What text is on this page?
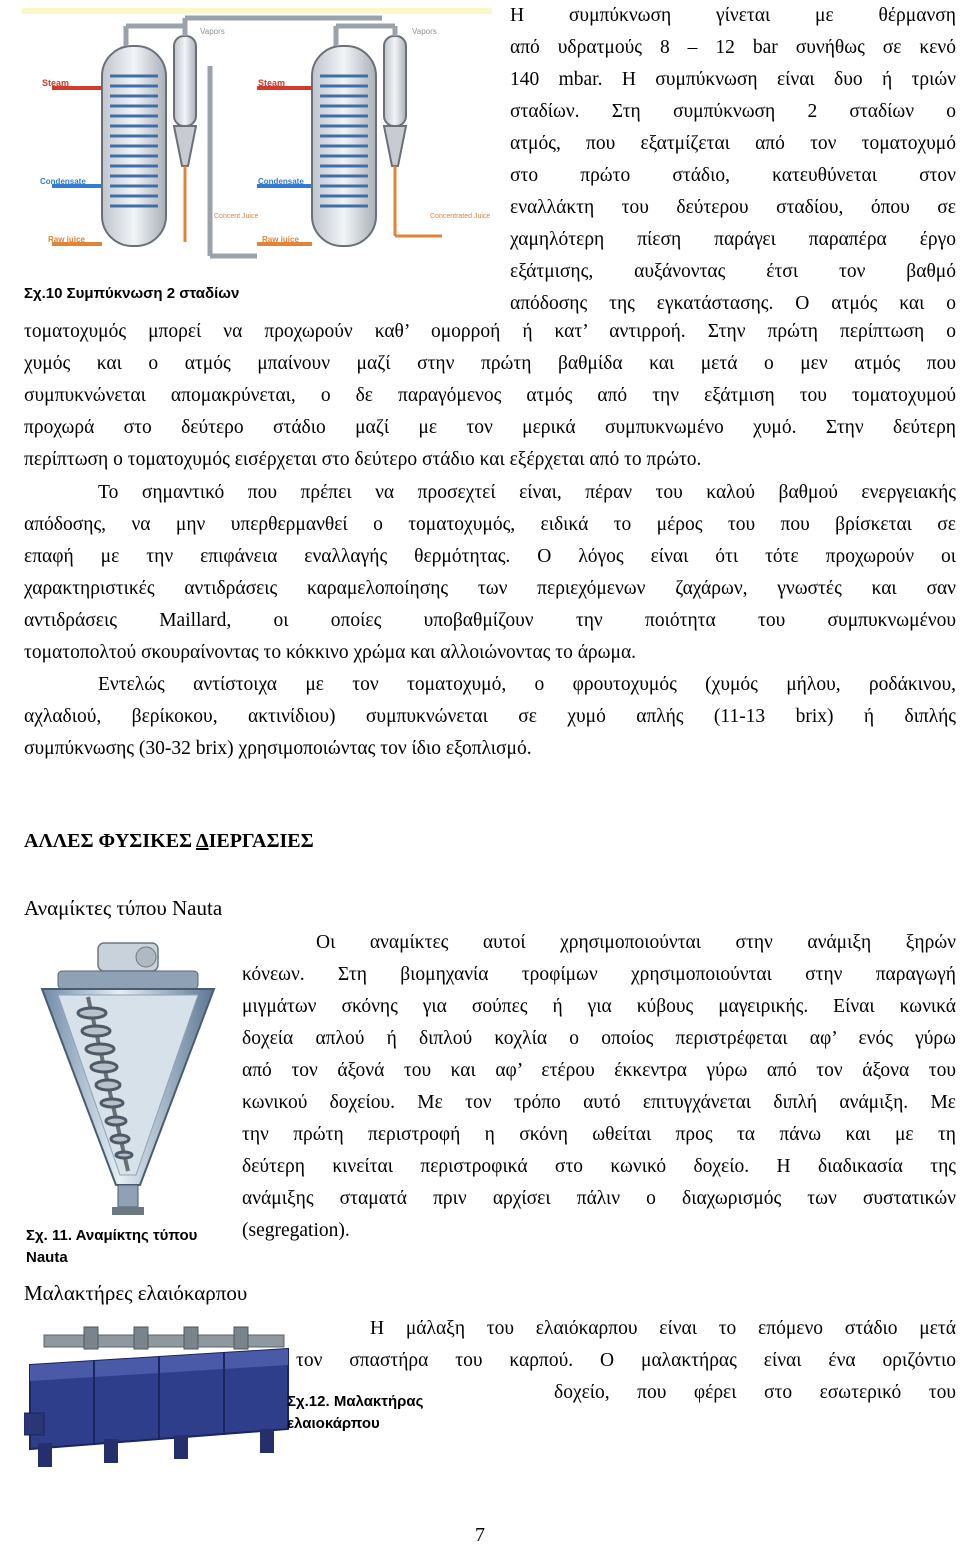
Vapors	Vapors
Steam	Steam
Condensate	Condensate
Raw juice	Raw juice
Concent Juice	Concentrated Juice
Σχ.10 Συμπύκνωση 2 σταδίων
Η συμπύκνωση γίνεται με θέρμανση
από υδρατμούς 8 – 12 bar συνήθως σε κενό
140 mbar. Η συμπύκνωση είναι δυο ή τριών
σταδίων. Στη συμπύκνωση 2 σταδίων ο
ατμός, που εξατμίζεται από τον τοματοχυμό
στο πρώτο στάδιο, κατευθύνεται στον
εναλλάκτη του δεύτερου σταδίου, όπου σε
χαμηλότερη πίεση παράγει παραπέρα έργο
εξάτμισης, αυξάνοντας έτσι τον βαθμό
απόδοσης της εγκατάστασης. Ο ατμός και ο
τοματοχυμός μπορεί να προχωρούν καθ’ ομορροή ή κατ’ αντιρροή. Στην πρώτη περίπτωση ο
χυμός και ο ατμός μπαίνουν μαζί στην πρώτη βαθμίδα και μετά ο μεν ατμός που
συμπυκνώνεται απομακρύνεται, ο δε παραγόμενος ατμός από την εξάτμιση του τοματοχυμού
προχωρά στο δεύτερο στάδιο μαζί με τον μερικά συμπυκνωμένο χυμό. Στην δεύτερη
περίπτωση ο τοματοχυμός εισέρχεται στο δεύτερο στάδιο και εξέρχεται από το πρώτο.
Το σημαντικό που πρέπει να προσεχτεί είναι, πέραν του καλού βαθμού ενεργειακής
απόδοσης, να μην υπερθερμανθεί ο τοματοχυμός, ειδικά το μέρος του που βρίσκεται σε
επαφή με την επιφάνεια εναλλαγής θερμότητας. Ο λόγος είναι ότι τότε προχωρούν οι
χαρακτηριστικές αντιδράσεις καραμελοποίησης των περιεχόμενων ζαχάρων, γνωστές και σαν
αντιδράσεις Maillard, οι οποίες υποβαθμίζουν την ποιότητα του συμπυκνωμένου
τοματοπολτού σκουραίνοντας το κόκκινο χρώμα και αλλοιώνοντας το άρωμα.
Εντελώς αντίστοιχα με τον τοματοχυμό, ο φρουτοχυμός (χυμός μήλου, ροδάκινου,
αχλαδιού, βερίκοκου, ακτινίδιου) συμπυκνώνεται σε χυμό απλής (11-13 brix) ή διπλής
συμπύκνωσης (30-32 brix) χρησιμοποιώντας τον ίδιο εξοπλισμό.
ΑΛΛΕΣ ΦΥΣΙΚΕΣ ΔΙΕΡΓΑΣΙΕΣ
Αναμίκτες τύπου Nauta
Σχ. 11. Αναμίκτης τύπου
Nauta
Οι αναμίκτες αυτοί χρησιμοποιούνται στην ανάμιξη ξηρών
κόνεων. Στη βιομηχανία τροφίμων χρησιμοποιούνται στην παραγωγή
μιγμάτων σκόνης για σούπες ή για κύβους μαγειρικής. Είναι κωνικά
δοχεία απλού ή διπλού κοχλία ο οποίος περιστρέφεται αφ’ ενός γύρω
από τον άξονά του και αφ’ ετέρου έκκεντρα γύρω από τον άξονα του
κωνικού δοχείου. Με τον τρόπο αυτό επιτυγχάνεται διπλή ανάμιξη. Με
την πρώτη περιστροφή η σκόνη ωθείται προς τα πάνω και με τη
δεύτερη κινείται περιστροφικά στο κωνικό δοχείο. Η διαδικασία της
ανάμιξης σταματά πριν αρχίσει πάλιν ο διαχωρισμός των συστατικών
(segregation).
Μαλακτήρες ελαιόκαρπου
Σχ.12. Μαλακτήρας
ελαιοκάρπου
Η μάλαξη του ελαιόκαρπου είναι το επόμενο στάδιο μετά
τον σπαστήρα του καρπού. Ο μαλακτήρας είναι ένα οριζόντιο
δοχείο, που φέρει στο εσωτερικό του
7
